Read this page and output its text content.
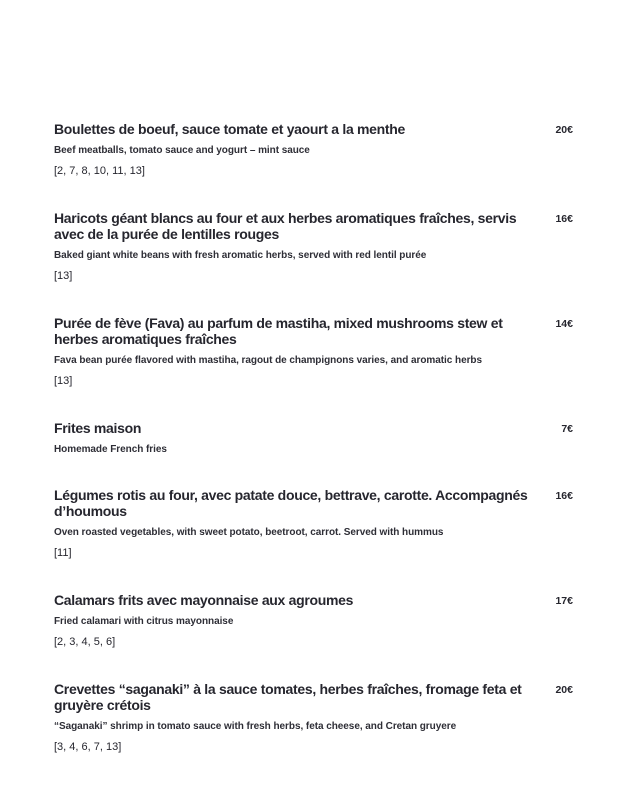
Boulettes de boeuf, sauce tomate et yaourt a la menthe

Beef meatballs, tomato sauce and yogurt – mint sauce

[2, 7, 8, 10, 11, 13]

20€
Haricots géant blancs au four et aux herbes aromatiques fraîches, servis avec de la purée de lentilles rouges

Baked giant white beans with fresh aromatic herbs, served with red lentil purée

[13]

16€
Purée de fève (Fava) au parfum de mastiha, mixed mushrooms stew et herbes aromatiques fraîches

Fava bean purée flavored with mastiha, ragout de champignons varies, and aromatic herbs

[13]

14€
Frites maison

Homemade French fries

7€
Légumes rotis au four, avec patate douce, bettrave, carotte. Accompagnés d’houmous

Oven roasted vegetables, with sweet potato, beetroot, carrot. Served with hummus

[11]

16€
Calamars frits avec mayonnaise aux agroumes

Fried calamari with citrus mayonnaise

[2, 3, 4, 5, 6]

17€
Crevettes “saganaki” à la sauce tomates, herbes fraîches, fromage feta et gruyère crétois

“Saganaki” shrimp in tomato sauce with fresh herbs, feta cheese, and Cretan gruyere

[3, 4, 6, 7, 13]

20€
